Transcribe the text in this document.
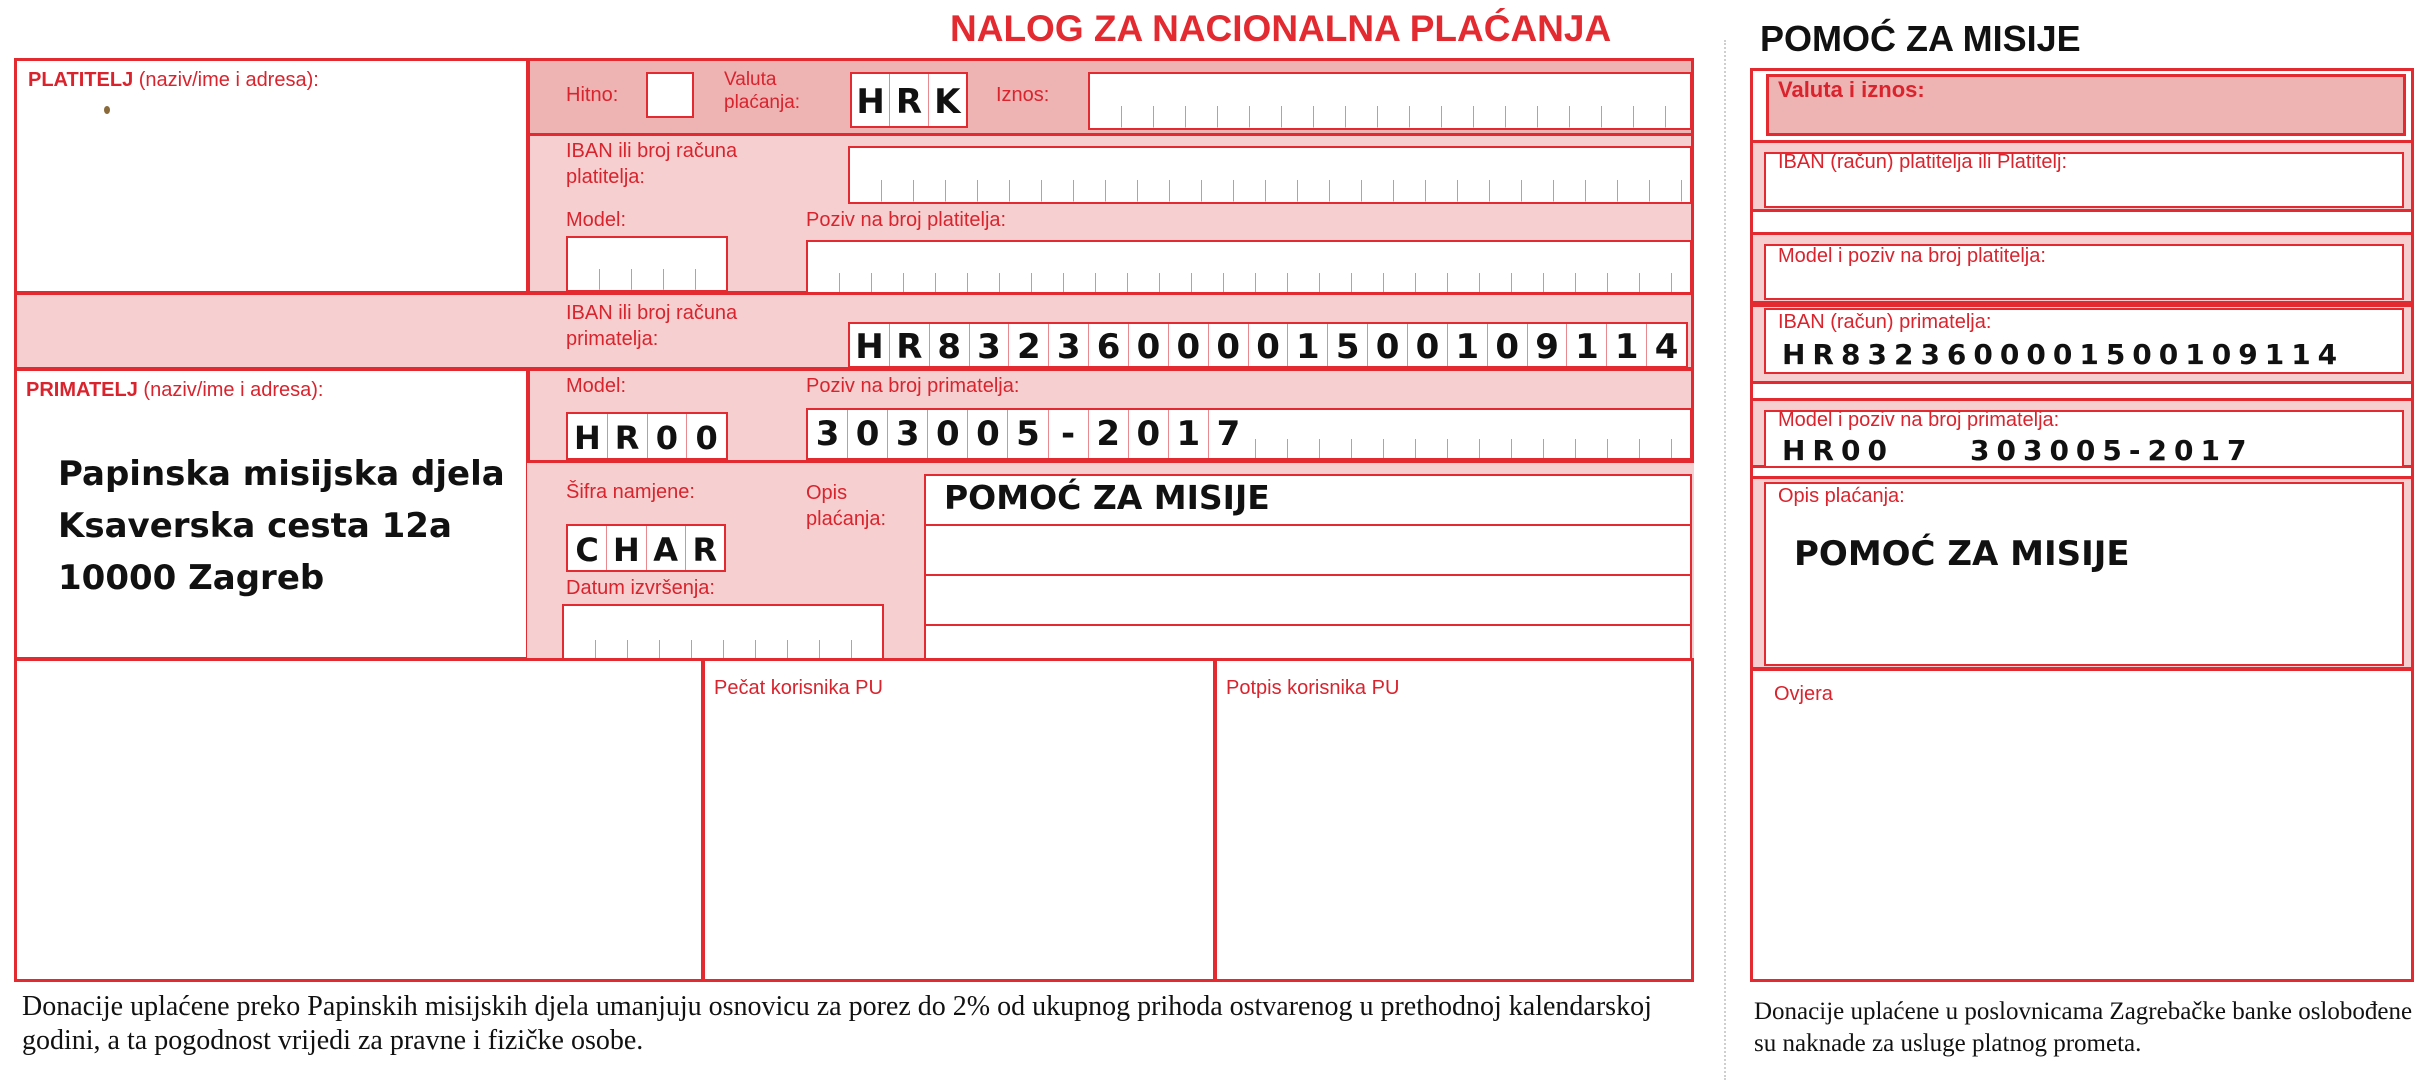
NALOG ZA NACIONALNA PLAĆANJA	POMOĆ ZA MISIJE
PLATITELJ (naziv/ime i adresa):
Hitno:
Valuta plaćanja:	H R K Iznos:
IBAN ili broj računa platitelja:
Model:	Poziv na broj platitelja:
IBAN ili broj računa primatelja:	H R 8 3 2 3 6 0 0 0 0 1 5 0 0 1 0 9 1 1 4
PRIMATELJ (naziv/ime i adresa):
Papinska misijska djela
Ksaverska cesta 12a
10000 Zagreb
Model:
H R 0 0
Poziv na broj primatelja:
3 0 3 0 0 5 - 2 0 1 7
Šifra namjene:
C H A R
Opis plaćanja:
POMOĆ ZA MISIJE
Datum izvršenja:
Pečat korisnika PU	Potpis korisnika PU
Donacije uplaćene preko Papinskih misijskih djela umanjuju osnovicu za porez do 2% od ukupnog prihoda ostvarenog u prethodnoj kalendarskoj godini, a ta pogodnost vrijedi za pravne i fizičke osobe.
Valuta i iznos:
IBAN (račun) platitelja ili Platitelj:
Model i poziv na broj platitelja:
IBAN (račun) primatelja:
HR8323600001500109114
Model i poziv na broj primatelja:
HR00	303005-2017
Opis plaćanja:
POMOĆ ZA MISIJE
Ovjera
Donacije uplaćene u poslovnicama Zagrebačke banke oslobođene su naknade za usluge platnog prometa.
